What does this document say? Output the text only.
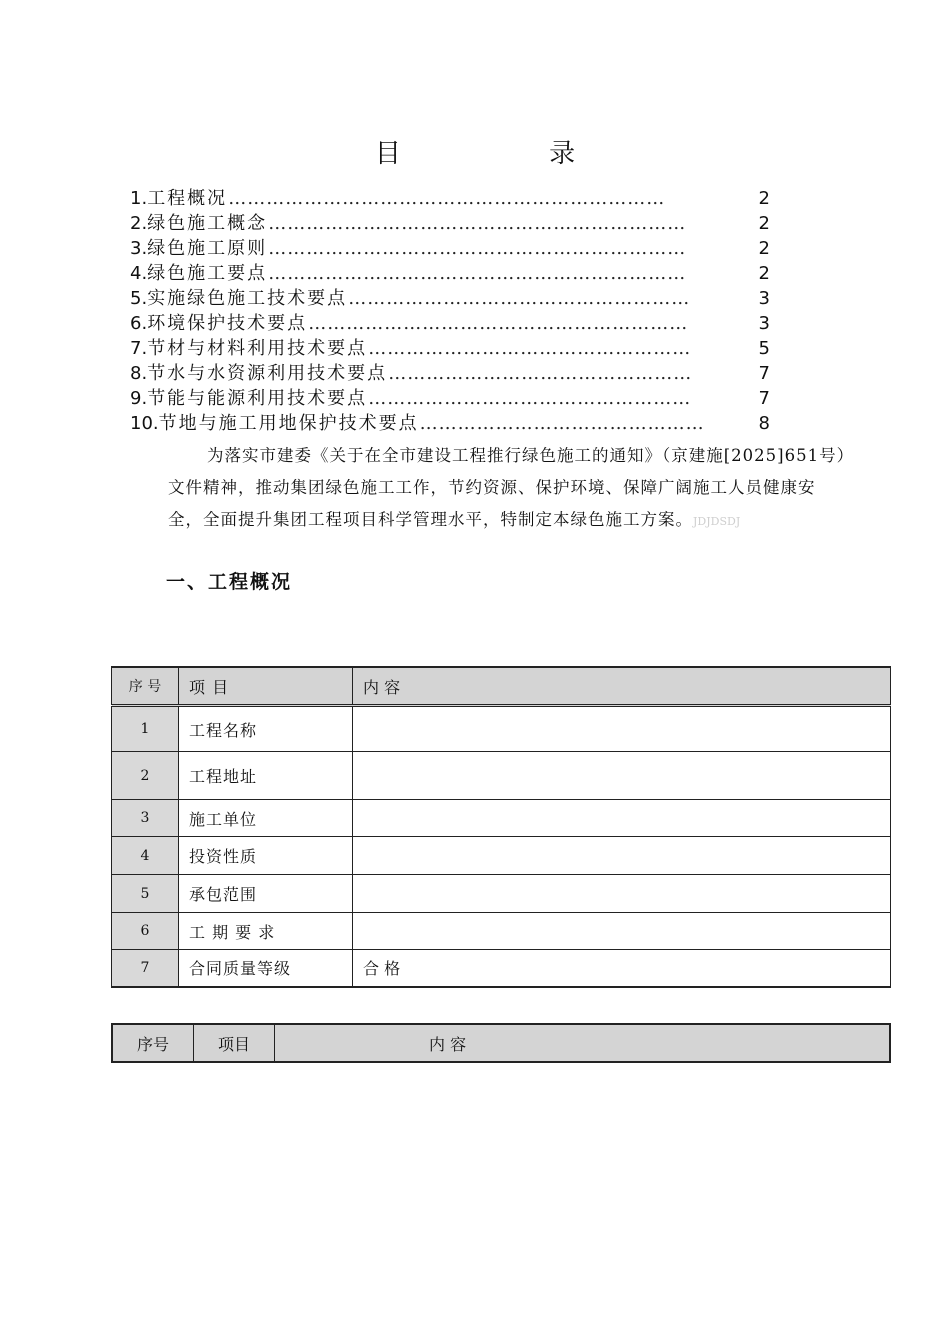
目 录
1. 工程概况 ……………………………………………………………	2
2. 绿色施工概念 …………………………………………………………	2
3. 绿色施工原则 …………………………………………………………	2
4. 绿色施工要点 …………………………………………………………	2
5. 实施绿色施工技术要点 ………………………………………………	3
6. 环境保护技术要点 ……………………………………………………	3
7. 节材与材料利用技术要点 ……………………………………………	5
8. 节水与水资源利用技术要点 …………………………………………	7
9. 节能与能源利用技术要点 ……………………………………………	7
10. 节地与施工用地保护技术要点 ………………………………………	8

为落实市建委《关于在全市建设工程推行绿色施工的通知》（京建施[2025]651号）文件精神，推动集团绿色施工工作，节约资源、保护环境、保障广阔施工人员健康安全，全面提升集团工程项目科学管理水平，特制定本绿色施工方案。JDJDSDJ

一、工程概况
序 号	项 目	内 容
1	工程名称	
2	工程地址	
3	施工单位	
4	投资性质	
5	承包范围	
6	工 期 要 求	
7	合同质量等级	合 格
序号	项目	内 容
